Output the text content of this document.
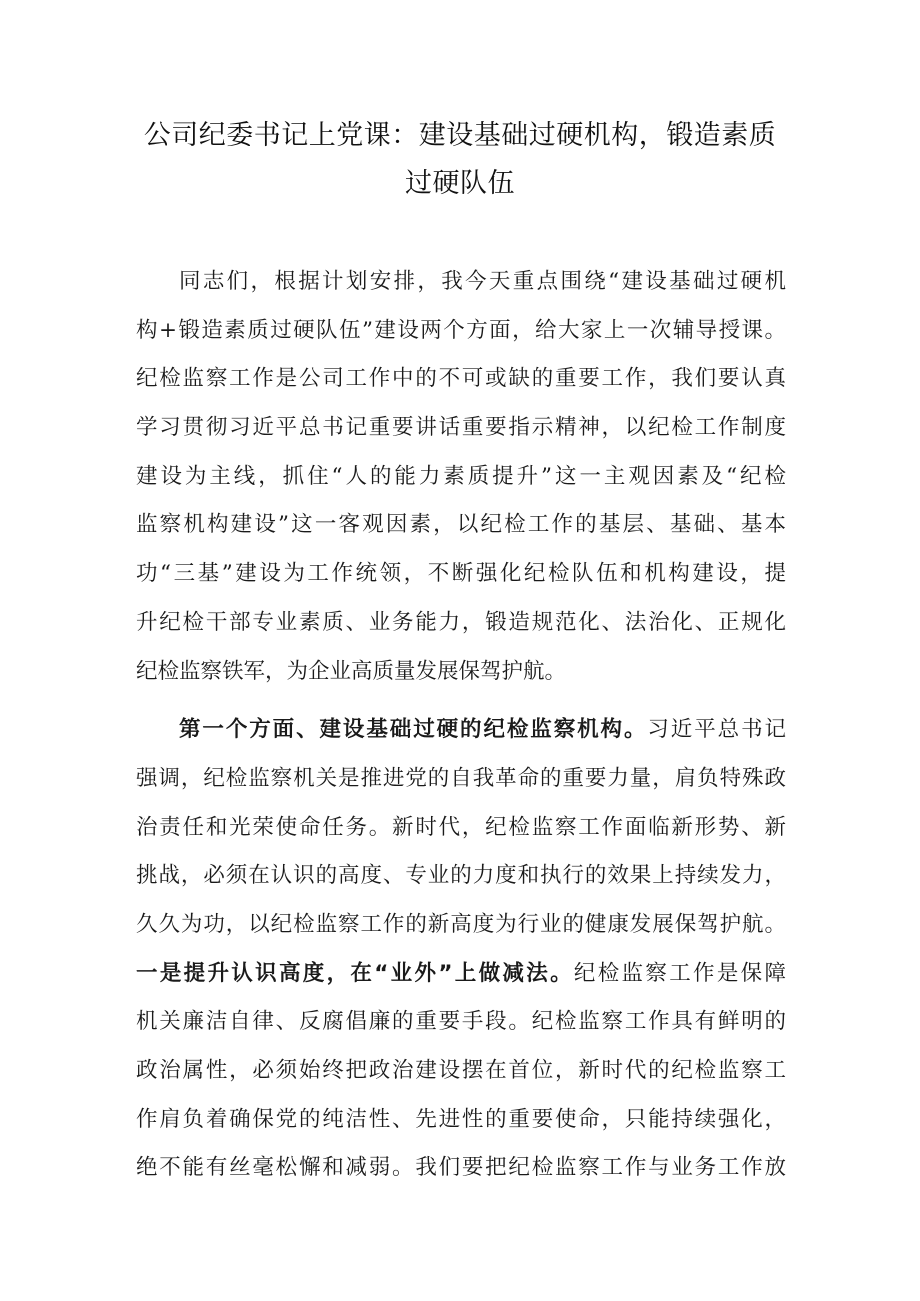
公司纪委书记上党课：建设基础过硬机构，锻造素质
过硬队伍

同志们，根据计划安排，我今天重点围绕“建设基础过硬机
构+锻造素质过硬队伍”建设两个方面，给大家上一次辅导授课。
纪检监察工作是公司工作中的不可或缺的重要工作，我们要认真
学习贯彻习近平总书记重要讲话重要指示精神，以纪检工作制度
建设为主线，抓住“人的能力素质提升”这一主观因素及“纪检
监察机构建设”这一客观因素，以纪检工作的基层、基础、基本
功“三基”建设为工作统领，不断强化纪检队伍和机构建设，提
升纪检干部专业素质、业务能力，锻造规范化、法治化、正规化
纪检监察铁军，为企业高质量发展保驾护航。

第一个方面、建设基础过硬的纪检监察机构。习近平总书记
强调，纪检监察机关是推进党的自我革命的重要力量，肩负特殊政
治责任和光荣使命任务。新时代，纪检监察工作面临新形势、新
挑战，必须在认识的高度、专业的力度和执行的效果上持续发力，
久久为功，以纪检监察工作的新高度为行业的健康发展保驾护航。
一是提升认识高度，在“业外”上做减法。纪检监察工作是保障
机关廉洁自律、反腐倡廉的重要手段。纪检监察工作具有鲜明的
政治属性，必须始终把政治建设摆在首位，新时代的纪检监察工
作肩负着确保党的纯洁性、先进性的重要使命，只能持续强化，
绝不能有丝毫松懈和减弱。我们要把纪检监察工作与业务工作放
